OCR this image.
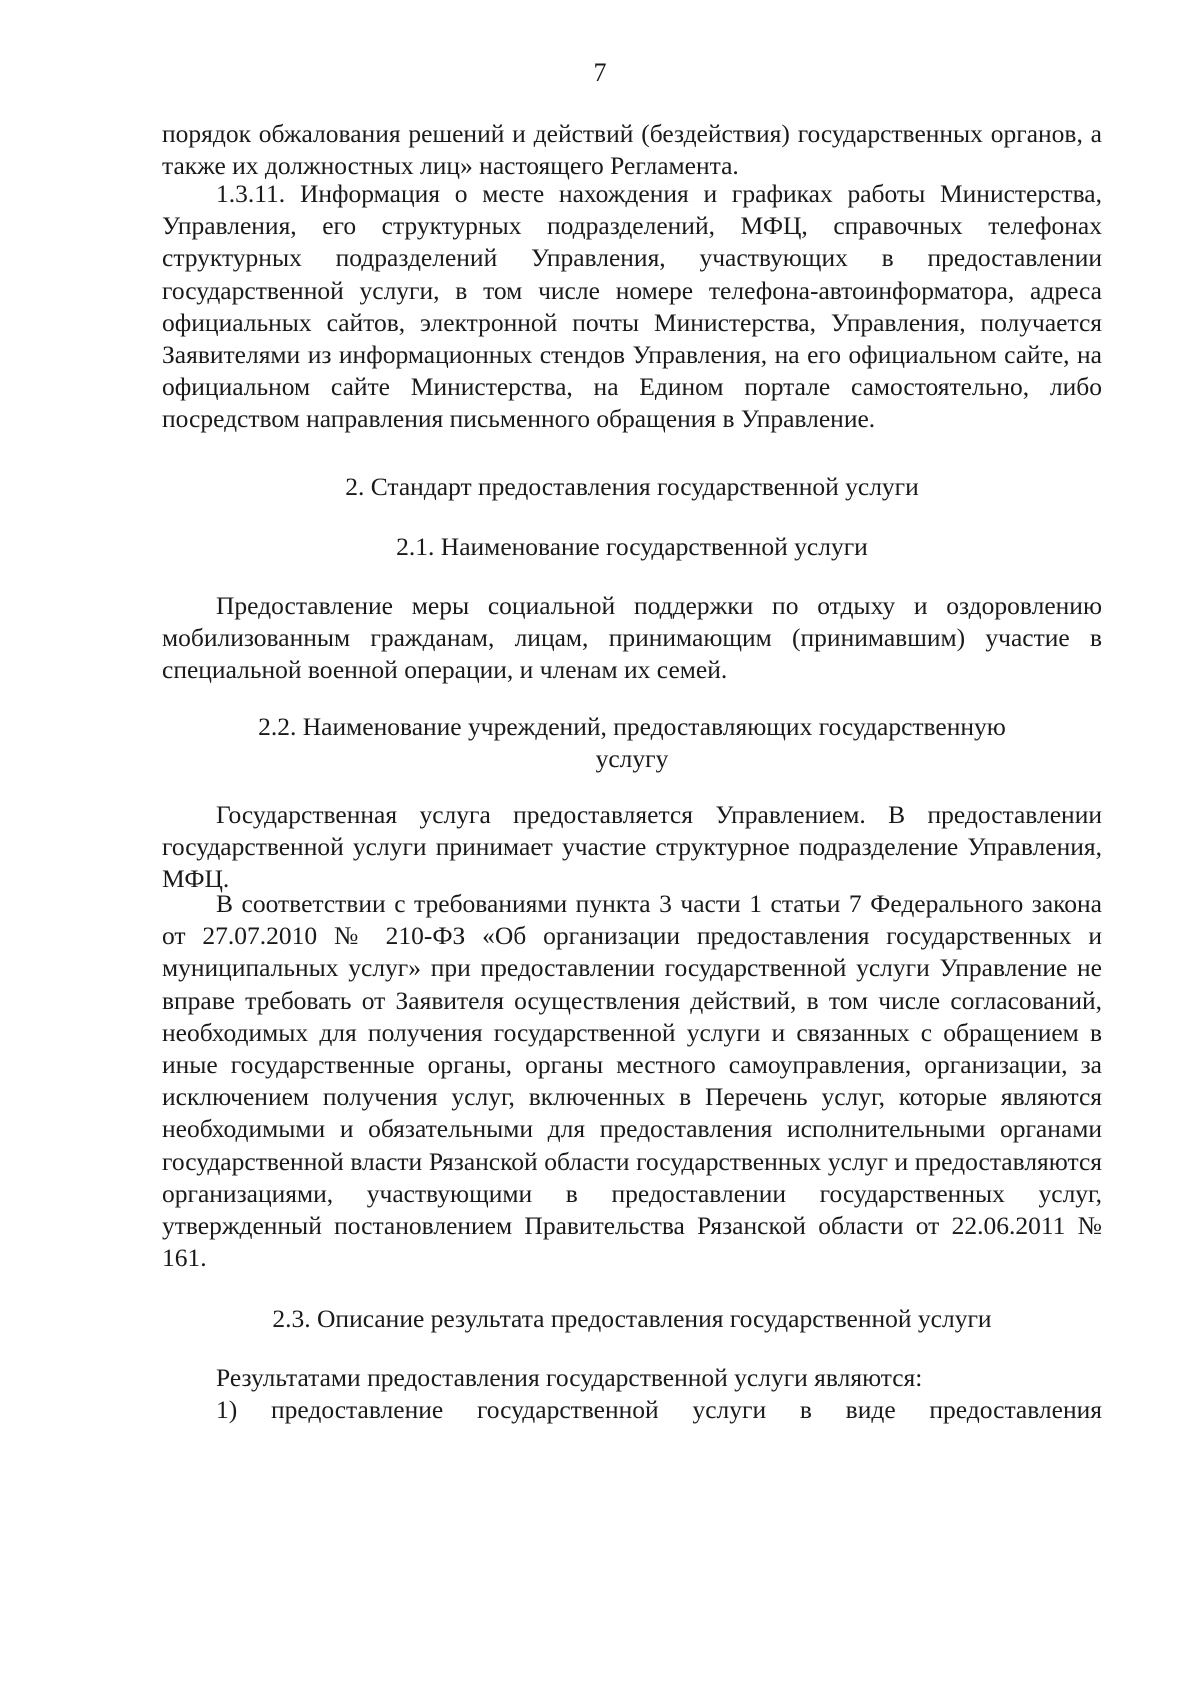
7

порядок обжалования решений и действий (бездействия) государственных органов, а также их должностных лиц» настоящего Регламента.

1.3.11. Информация о месте нахождения и графиках работы Министерства, Управления, его структурных подразделений, МФЦ, справочных телефонах структурных подразделений Управления, участвующих в предоставлении государственной услуги, в том числе номере телефона-автоинформатора, адреса официальных сайтов, электронной почты Министерства, Управления, получается Заявителями из информационных стендов Управления, на его официальном сайте, на официальном сайте Министерства, на Едином портале самостоятельно, либо посредством направления письменного обращения в Управление.

2. Стандарт предоставления государственной услуги

2.1. Наименование государственной услуги

Предоставление меры социальной поддержки по отдыху и оздоровлению мобилизованным гражданам, лицам, принимающим (принимавшим) участие в специальной военной операции, и членам их семей.

2.2. Наименование учреждений, предоставляющих государственную услугу

Государственная услуга предоставляется Управлением. В предоставлении государственной услуги принимает участие структурное подразделение Управления, МФЦ.

В соответствии с требованиями пункта 3 части 1 статьи 7 Федерального закона от 27.07.2010 № 210-ФЗ «Об организации предоставления государственных и муниципальных услуг» при предоставлении государственной услуги Управление не вправе требовать от Заявителя осуществления действий, в том числе согласований, необходимых для получения государственной услуги и связанных с обращением в иные государственные органы, органы местного самоуправления, организации, за исключением получения услуг, включенных в Перечень услуг, которые являются необходимыми и обязательными для предоставления исполнительными органами государственной власти Рязанской области государственных услуг и предоставляются организациями, участвующими в предоставлении государственных услуг, утвержденный постановлением Правительства Рязанской области от 22.06.2011 № 161.

2.3. Описание результата предоставления государственной услуги

Результатами предоставления государственной услуги являются:

1) предоставление государственной услуги в виде предоставления
